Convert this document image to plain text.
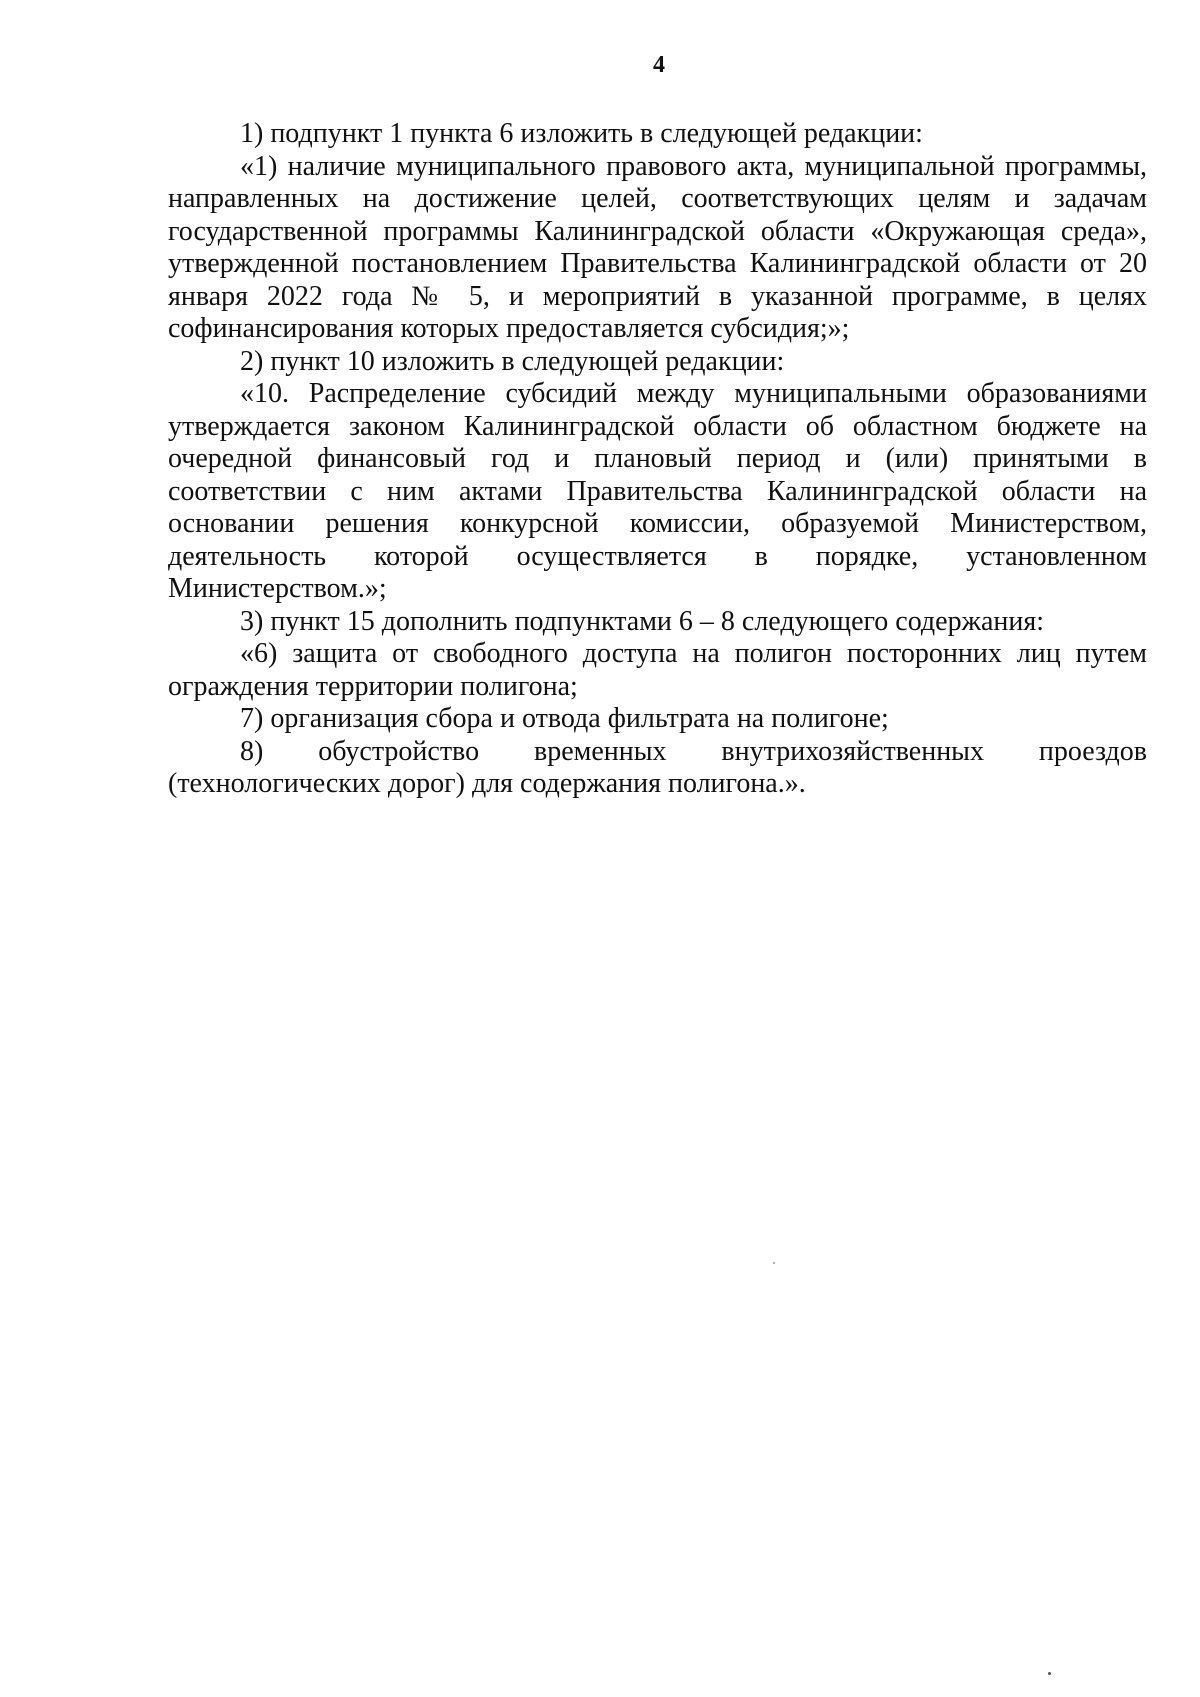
4

1) подпункт 1 пункта 6 изложить в следующей редакции:

«1) наличие муниципального правового акта, муниципальной программы, направленных на достижение целей, соответствующих целям и задачам государственной программы Калининградской области «Окружающая среда», утвержденной постановлением Правительства Калининградской области от 20 января 2022 года № 5, и мероприятий в указанной программе, в целях софинансирования которых предоставляется субсидия;»;

2) пункт 10 изложить в следующей редакции:

«10. Распределение субсидий между муниципальными образованиями утверждается законом Калининградской области об областном бюджете на очередной финансовый год и плановый период и (или) принятыми в соответствии с ним актами Правительства Калининградской области на основании решения конкурсной комиссии, образуемой Министерством, деятельность которой осуществляется в порядке, установленном Министерством.»;

3) пункт 15 дополнить подпунктами 6 – 8 следующего содержания:

«6) защита от свободного доступа на полигон посторонних лиц путем ограждения территории полигона;

7) организация сбора и отвода фильтрата на полигоне;

8) обустройство временных внутрихозяйственных проездов (технологических дорог) для содержания полигона.».
